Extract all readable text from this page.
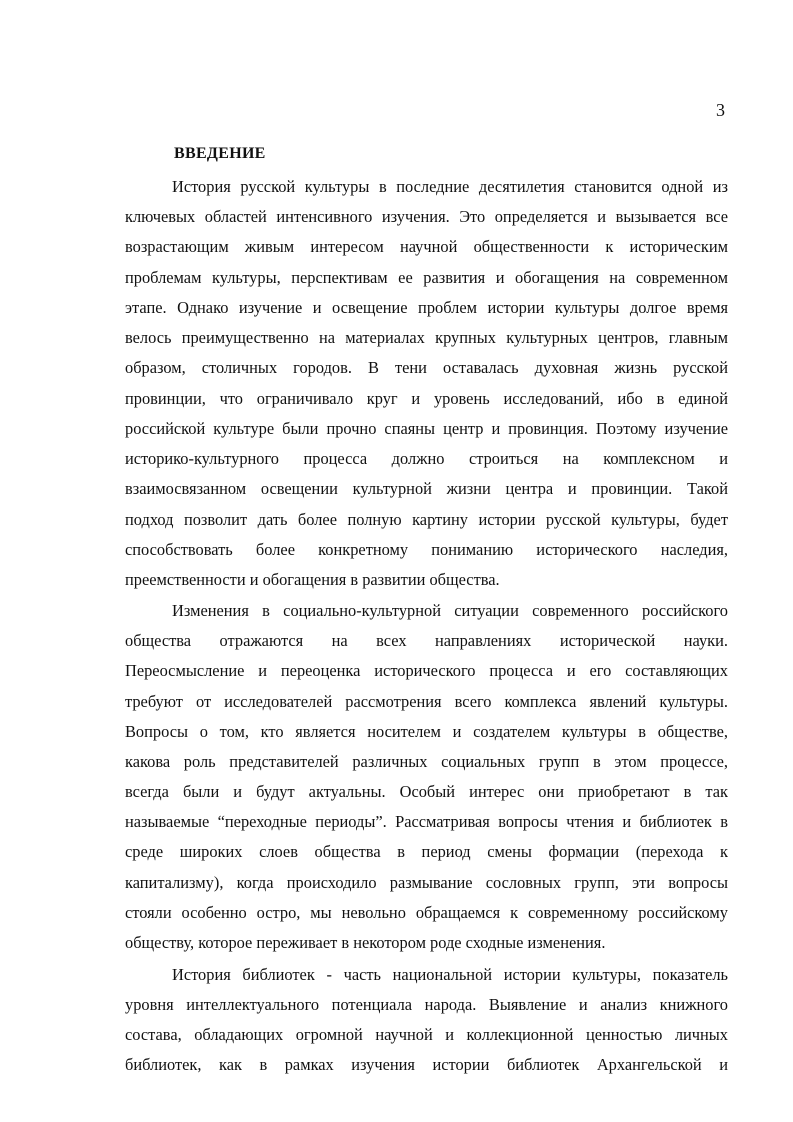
3
ВВЕДЕНИЕ
История русской культуры в последние десятилетия становится одной из
ключевых областей интенсивного изучения. Это определяется и вызывается все
возрастающим живым интересом научной общественности к историческим
проблемам культуры, перспективам ее развития и обогащения на современном
этапе. Однако изучение и освещение проблем истории культуры долгое время
велось преимущественно на материалах крупных культурных центров, главным
образом, столичных городов. В тени оставалась духовная жизнь русской
провинции, что ограничивало круг и уровень исследований, ибо в единой
российской культуре были прочно спаяны центр и провинция. Поэтому изучение
историко-культурного процесса должно строиться на комплексном и
взаимосвязанном освещении культурной жизни центра и провинции. Такой
подход позволит дать более полную картину истории русской культуры, будет
способствовать более конкретному пониманию исторического наследия,
преемственности и обогащения в развитии общества.
Изменения в социально-культурной ситуации современного российского
общества отражаются на всех направлениях исторической науки.
Переосмысление и переоценка исторического процесса и его составляющих
требуют от исследователей рассмотрения всего комплекса явлений культуры.
Вопросы о том, кто является носителем и создателем культуры в обществе,
какова роль представителей различных социальных групп в этом процессе,
всегда были и будут актуальны. Особый интерес они приобретают в так
называемые “переходные периоды”. Рассматривая вопросы чтения и библиотек в
среде широких слоев общества в период смены формации (перехода к
капитализму), когда происходило размывание сословных групп, эти вопросы
стояли особенно остро, мы невольно обращаемся к современному российскому
обществу, которое переживает в некотором роде сходные изменения.
История библиотек - часть национальной истории культуры, показатель
уровня интеллектуального потенциала народа. Выявление и анализ книжного
состава, обладающих огромной научной и коллекционной ценностью личных
библиотек, как в рамках изучения истории библиотек Архангельской и
